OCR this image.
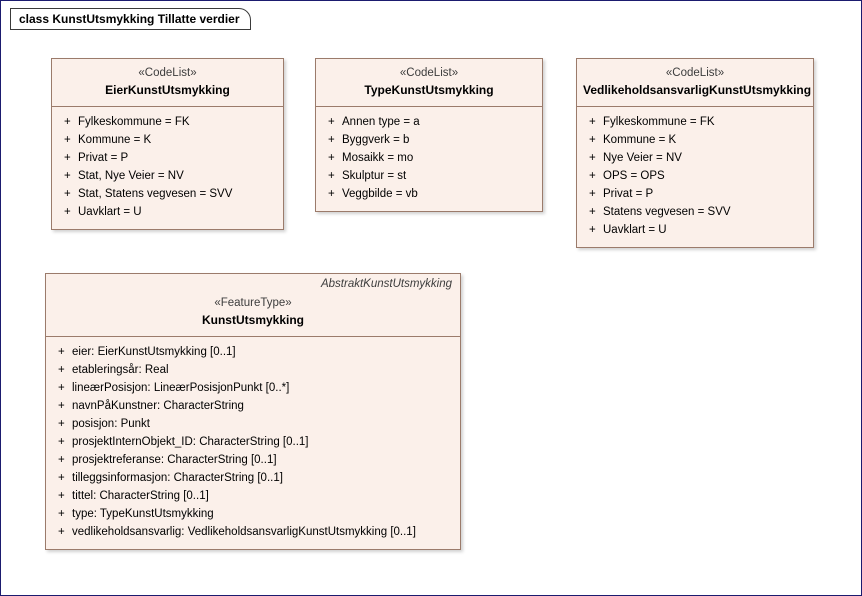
class KunstUtsmykking Tillatte verdier
«CodeList»
EierKunstUtsmykking
+ Fylkeskommune = FK
+ Kommune = K
+ Privat = P
+ Stat, Nye Veier = NV
+ Stat, Statens vegvesen = SVV
+ Uavklart = U
«CodeList»
TypeKunstUtsmykking
+ Annen type = a
+ Byggverk = b
+ Mosaikk = mo
+ Skulptur = st
+ Veggbilde = vb
«CodeList»
VedlikeholdsansvarligKunstUtsmykking
+ Fylkeskommune = FK
+ Kommune = K
+ Nye Veier = NV
+ OPS = OPS
+ Privat = P
+ Statens vegvesen = SVV
+ Uavklart = U
AbstraktKunstUtsmykking
«FeatureType»
KunstUtsmykking
+ eier: EierKunstUtsmykking [0..1]
+ etableringsår: Real
+ lineærPosisjon: LineærPosisjonPunkt [0..*]
+ navnPåKunstner: CharacterString
+ posisjon: Punkt
+ prosjektInternObjekt_ID: CharacterString [0..1]
+ prosjektreferanse: CharacterString [0..1]
+ tilleggsinformasjon: CharacterString [0..1]
+ tittel: CharacterString [0..1]
+ type: TypeKunstUtsmykking
+ vedlikeholdsansvarlig: VedlikeholdsansvarligKunstUtsmykking [0..1]
